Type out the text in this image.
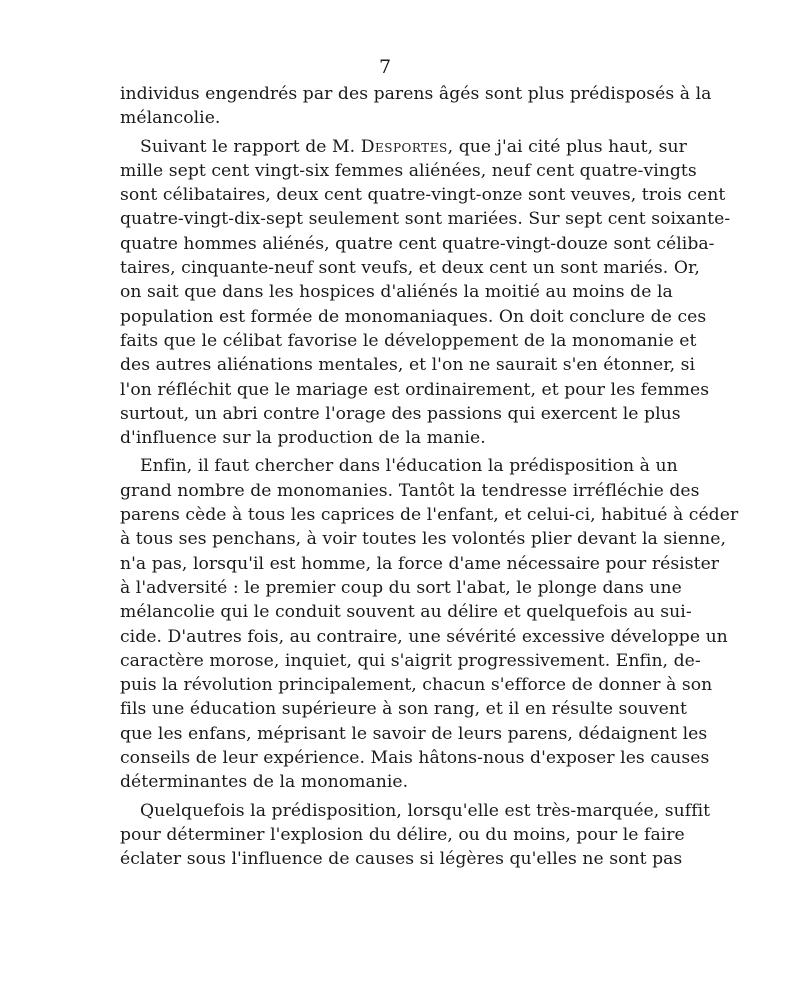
7
individus engendrés par des parens âgés sont plus prédisposés à la
mélancolie.
Suivant le rapport de M. Desportes, que j'ai cité plus haut, sur
mille sept cent vingt-six femmes aliénées, neuf cent quatre-vingts
sont célibataires, deux cent quatre-vingt-onze sont veuves, trois cent
quatre-vingt-dix-sept seulement sont mariées. Sur sept cent soixante-
quatre hommes aliénés, quatre cent quatre-vingt-douze sont céliba-
taires, cinquante-neuf sont veufs, et deux cent un sont mariés. Or,
on sait que dans les hospices d'aliénés la moitié au moins de la
population est formée de monomaniaques. On doit conclure de ces
faits que le célibat favorise le développement de la monomanie et
des autres aliénations mentales, et l'on ne saurait s'en étonner, si
l'on réfléchit que le mariage est ordinairement, et pour les femmes
surtout, un abri contre l'orage des passions qui exercent le plus
d'influence sur la production de la manie.
Enfin, il faut chercher dans l'éducation la prédisposition à un
grand nombre de monomanies. Tantôt la tendresse irréfléchie des
parens cède à tous les caprices de l'enfant, et celui-ci, habitué à céder
à tous ses penchans, à voir toutes les volontés plier devant la sienne,
n'a pas, lorsqu'il est homme, la force d'ame nécessaire pour résister
à l'adversité : le premier coup du sort l'abat, le plonge dans une
mélancolie qui le conduit souvent au délire et quelquefois au sui-
cide. D'autres fois, au contraire, une sévérité excessive développe un
caractère morose, inquiet, qui s'aigrit progressivement. Enfin, de-
puis la révolution principalement, chacun s'efforce de donner à son
fils une éducation supérieure à son rang, et il en résulte souvent
que les enfans, méprisant le savoir de leurs parens, dédaignent les
conseils de leur expérience. Mais hâtons-nous d'exposer les causes
déterminantes de la monomanie.
Quelquefois la prédisposition, lorsqu'elle est très-marquée, suffit
pour déterminer l'explosion du délire, ou du moins, pour le faire
éclater sous l'influence de causes si légères qu'elles ne sont pas
